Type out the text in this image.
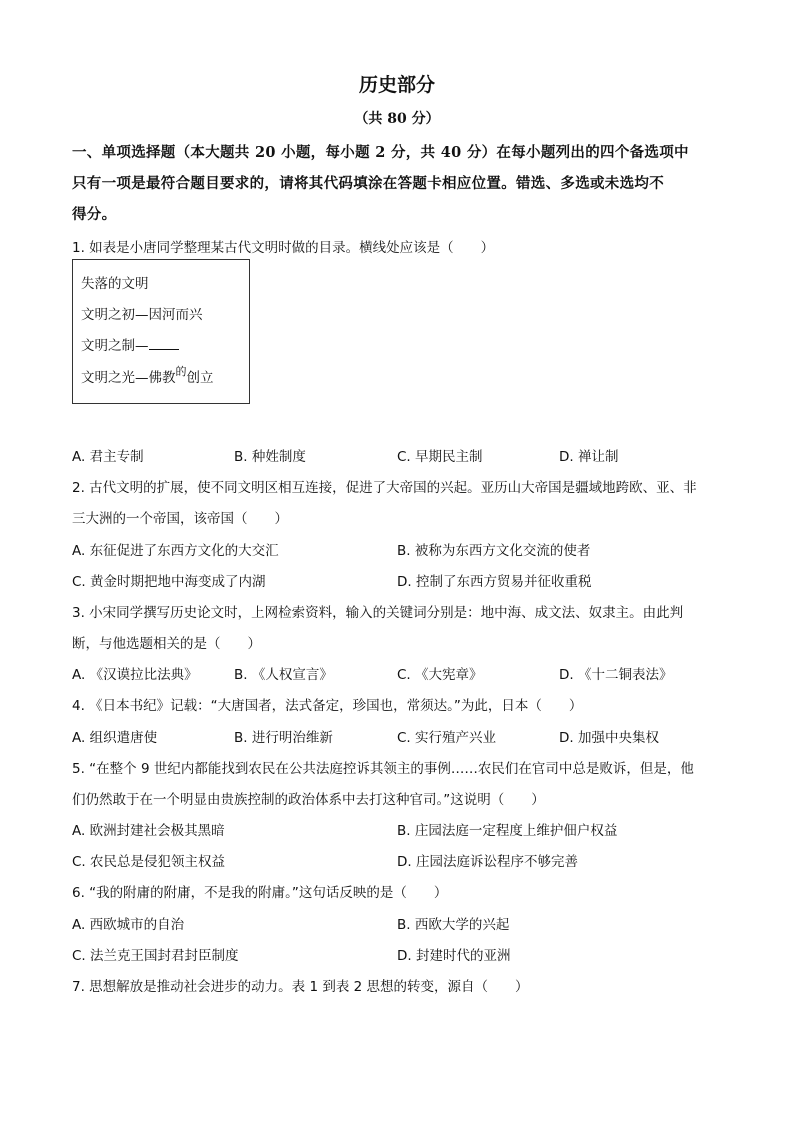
历史部分
（共 80 分）
一、单项选择题（本大题共 20 小题，每小题 2 分，共 40 分）在每小题列出的四个备选项中
只有一项是最符合题目要求的，请将其代码填涂在答题卡相应位置。错选、多选或未选均不
得分。
1. 如表是小唐同学整理某古代文明时做的目录。横线处应该是（　　）
失落的文明
文明之初—因河而兴
文明之制—
文明之光—佛教$^的$创立
A. 君主专制	B. 种姓制度	C. 早期民主制	D. 禅让制
2. 古代文明的扩展，使不同文明区相互连接，促进了大帝国的兴起。亚历山大帝国是疆域地跨欧、亚、非
三大洲的一个帝国，该帝国（　　）
A. 东征促进了东西方文化的大交汇	B. 被称为东西方文化交流的使者
C. 黄金时期把地中海变成了内湖	D. 控制了东西方贸易并征收重税
3. 小宋同学撰写历史论文时，上网检索资料，输入的关键词分别是：地中海、成文法、奴隶主。由此判
断，与他选题相关的是（　　）
A. 《汉谟拉比法典》	B. 《人权宣言》	C. 《大宪章》	D. 《十二铜表法》
4. 《日本书纪》记载：“大唐国者，法式备定，珍国也，常须达。”为此，日本（　　）
A. 组织遣唐使	B. 进行明治维新	C. 实行殖产兴业	D. 加强中央集权
5. “在整个 9 世纪内都能找到农民在公共法庭控诉其领主的事例……农民们在官司中总是败诉，但是，他
们仍然敢于在一个明显由贵族控制的政治体系中去打这种官司。”这说明（　　）
A. 欧洲封建社会极其黑暗	B. 庄园法庭一定程度上维护佃户权益
C. 农民总是侵犯领主权益	D. 庄园法庭诉讼程序不够完善
6. “我的附庸的附庸，不是我的附庸。”这句话反映的是（　　）
A. 西欧城市的自治	B. 西欧大学的兴起
C. 法兰克王国封君封臣制度	D. 封建时代的亚洲
7. 思想解放是推动社会进步的动力。表 1 到表 2 思想的转变，源自（　　）
